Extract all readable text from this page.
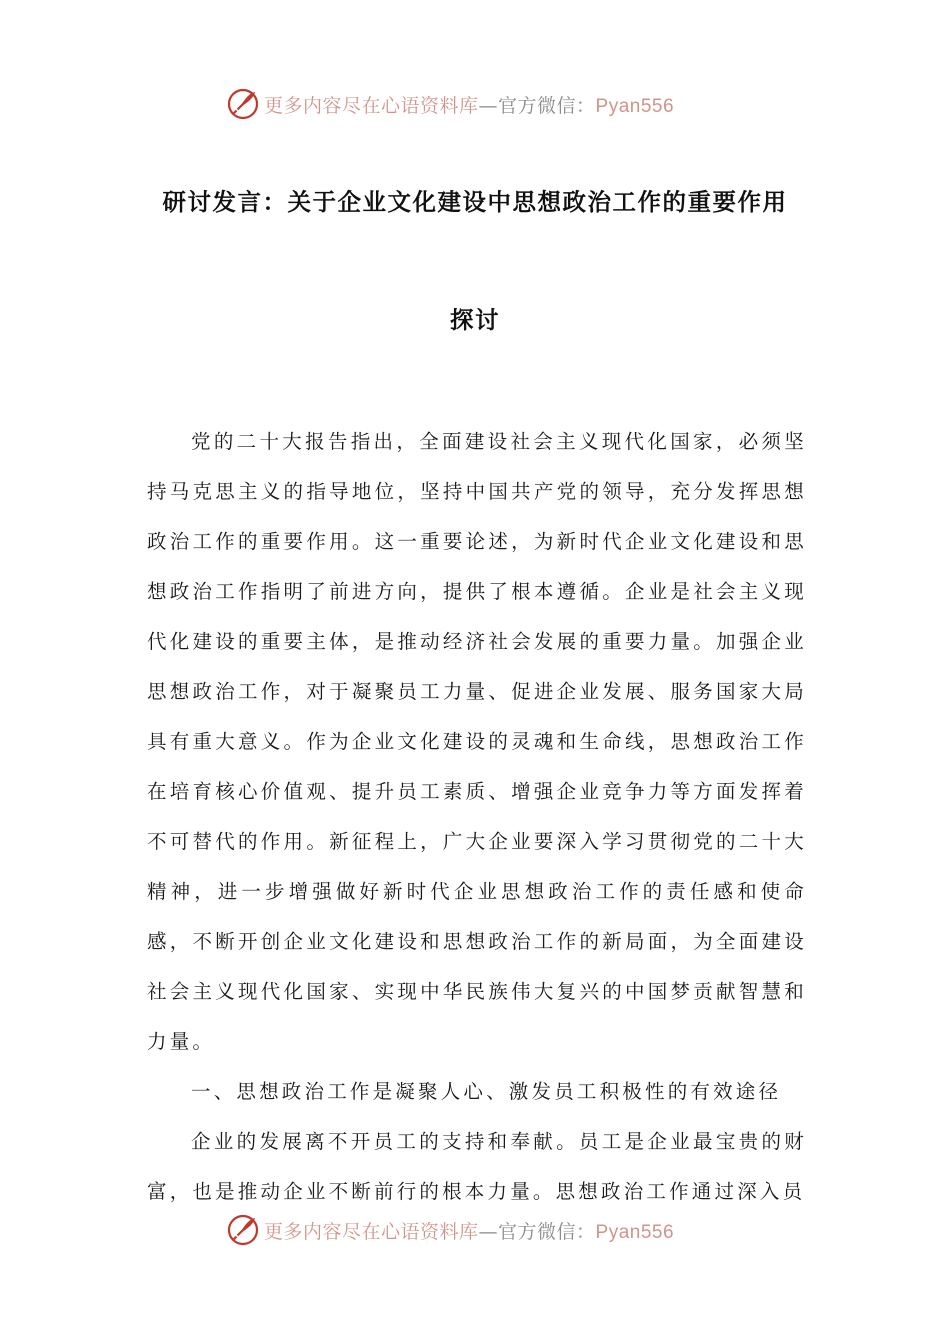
更多内容尽在心语资料库—官方微信：Pyan556
研讨发言：关于企业文化建设中思想政治工作的重要作用
探讨

党的二十大报告指出，全面建设社会主义现代化国家，必须坚持马克思主义的指导地位，坚持中国共产党的领导，充分发挥思想政治工作的重要作用。这一重要论述，为新时代企业文化建设和思想政治工作指明了前进方向，提供了根本遵循。企业是社会主义现代化建设的重要主体，是推动经济社会发展的重要力量。加强企业思想政治工作，对于凝聚员工力量、促进企业发展、服务国家大局具有重大意义。作为企业文化建设的灵魂和生命线，思想政治工作在培育核心价值观、提升员工素质、增强企业竞争力等方面发挥着不可替代的作用。新征程上，广大企业要深入学习贯彻党的二十大精神，进一步增强做好新时代企业思想政治工作的责任感和使命感，不断开创企业文化建设和思想政治工作的新局面，为全面建设社会主义现代化国家、实现中华民族伟大复兴的中国梦贡献智慧和力量。

一、思想政治工作是凝聚人心、激发员工积极性的有效途径

企业的发展离不开员工的支持和奉献。员工是企业最宝贵的财富，也是推动企业不断前行的根本力量。思想政治工作通过深入员

更多内容尽在心语资料库—官方微信：Pyan556
